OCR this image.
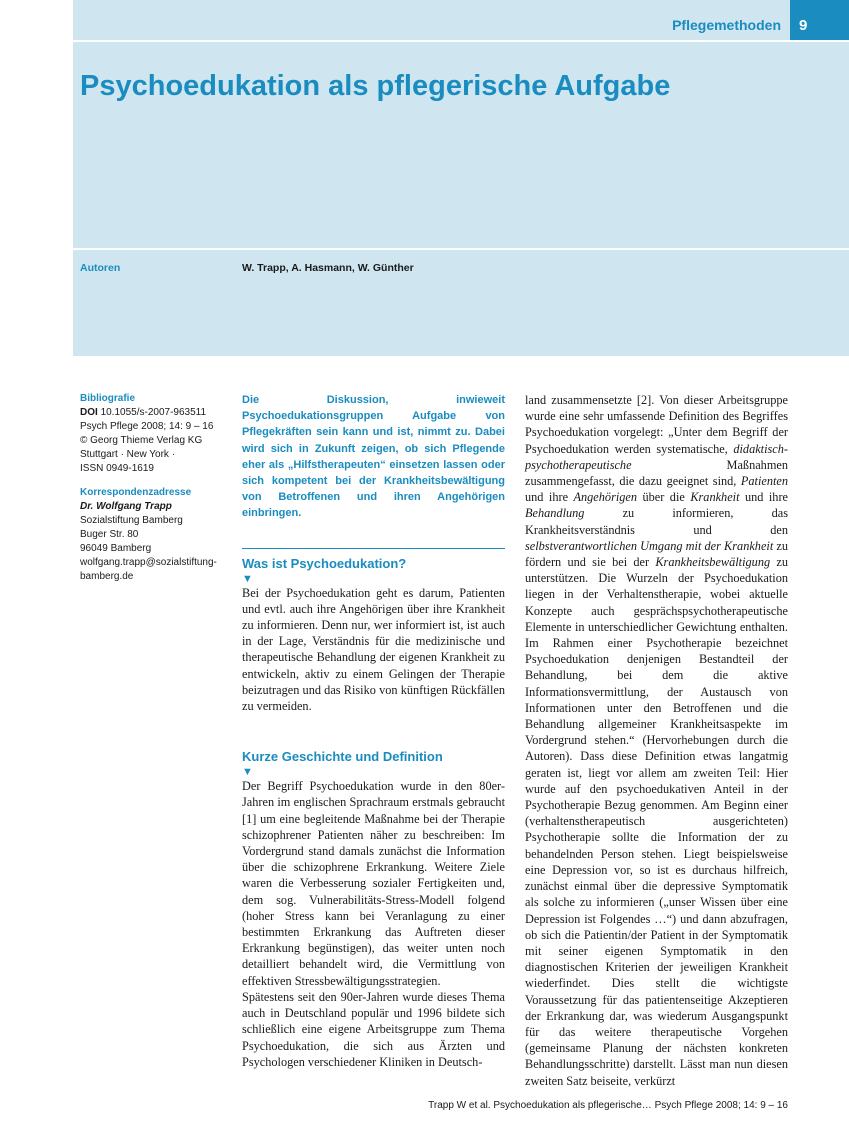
Pflegemethoden	9
Psychoedukation als pflegerische Aufgabe
Autoren	W. Trapp, A. Hasmann, W. Günther
Bibliografie
DOI 10.1055/s-2007-963511
Psych Pflege 2008; 14: 9 – 16
© Georg Thieme Verlag KG
Stuttgart · New York ·
ISSN 0949-1619
Korrespondenzadresse
Dr. Wolfgang Trapp
Sozialstiftung Bamberg
Buger Str. 80
96049 Bamberg
wolfgang.trapp@sozialstiftung-
bamberg.de

Die Diskussion, inwieweit Psychoedukationsgruppen Aufgabe von Pflegekräften sein kann und ist, nimmt zu. Dabei wird sich in Zukunft zeigen, ob sich Pflegende eher als „Hilfstherapeuten“ einsetzen lassen oder sich kompetent bei der Krankheitsbewältigung von Betroffenen und ihren Angehörigen einbringen.

Was ist Psychoedukation?
▼

Bei der Psychoedukation geht es darum, Patienten und evtl. auch ihre Angehörigen über ihre Krankheit zu informieren. Denn nur, wer informiert ist, ist auch in der Lage, Verständnis für die medizinische und therapeutische Behandlung der eigenen Krankheit zu entwickeln, aktiv zu einem Gelingen der Therapie beizutragen und das Risiko von künftigen Rückfällen zu vermeiden.

Kurze Geschichte und Definition
▼

Der Begriff Psychoedukation wurde in den 80er-Jahren im englischen Sprachraum erstmals gebraucht [1] um eine begleitende Maßnahme bei der Therapie schizophrener Patienten näher zu beschreiben: Im Vordergrund stand damals zunächst die Information über die schizophrene Erkrankung. Weitere Ziele waren die Verbesserung sozialer Fertigkeiten und, dem sog. Vulnerabilitäts-Stress-Modell folgend (hoher Stress kann bei Veranlagung zu einer bestimmten Erkrankung das Auftreten dieser Erkrankung begünstigen), das weiter unten noch detailliert behandelt wird, die Vermittlung von effektiven Stressbewältigungsstrategien.

Spätestens seit den 90er-Jahren wurde dieses Thema auch in Deutschland populär und 1996 bildete sich schließlich eine eigene Arbeitsgruppe zum Thema Psychoedukation, die sich aus Ärzten und Psychologen verschiedener Kliniken in Deutsch-

land zusammensetzte [2]. Von dieser Arbeitsgruppe wurde eine sehr umfassende Definition des Begriffes Psychoedukation vorgelegt: „Unter dem Begriff der Psychoedukation werden systematische, didaktisch-psychotherapeutische Maßnahmen zusammengefasst, die dazu geeignet sind, Patienten und ihre Angehörigen über die Krankheit und ihre Behandlung zu informieren, das Krankheitsverständnis und den selbstverantwortlichen Umgang mit der Krankheit zu fördern und sie bei der Krankheitsbewältigung zu unterstützen. Die Wurzeln der Psychoedukation liegen in der Verhaltenstherapie, wobei aktuelle Konzepte auch gesprächspsychotherapeutische Elemente in unterschiedlicher Gewichtung enthalten. Im Rahmen einer Psychotherapie bezeichnet Psychoedukation denjenigen Bestandteil der Behandlung, bei dem die aktive Informationsvermittlung, der Austausch von Informationen unter den Betroffenen und die Behandlung allgemeiner Krankheitsaspekte im Vordergrund stehen.“ (Hervorhebungen durch die Autoren). Dass diese Definition etwas langatmig geraten ist, liegt vor allem am zweiten Teil: Hier wurde auf den psychoedukativen Anteil in der Psychotherapie Bezug genommen. Am Beginn einer (verhaltenstherapeutisch ausgerichteten) Psychotherapie sollte die Information der zu behandelnden Person stehen. Liegt beispielsweise eine Depression vor, so ist es durchaus hilfreich, zunächst einmal über die depressive Symptomatik als solche zu informieren („unser Wissen über eine Depression ist Folgendes …“) und dann abzufragen, ob sich die Patientin/der Patient in der Symptomatik mit seiner eigenen Symptomatik in den diagnostischen Kriterien der jeweiligen Krankheit wiederfindet. Dies stellt die wichtigste Voraussetzung für das patientenseitige Akzeptieren der Erkrankung dar, was wiederum Ausgangspunkt für das weitere therapeutische Vorgehen (gemeinsame Planung der nächsten konkreten Behandlungsschritte) darstellt. Lässt man nun diesen zweiten Satz beiseite, verkürzt

Trapp W et al. Psychoedukation als pflegerische… Psych Pflege 2008; 14: 9 – 16
